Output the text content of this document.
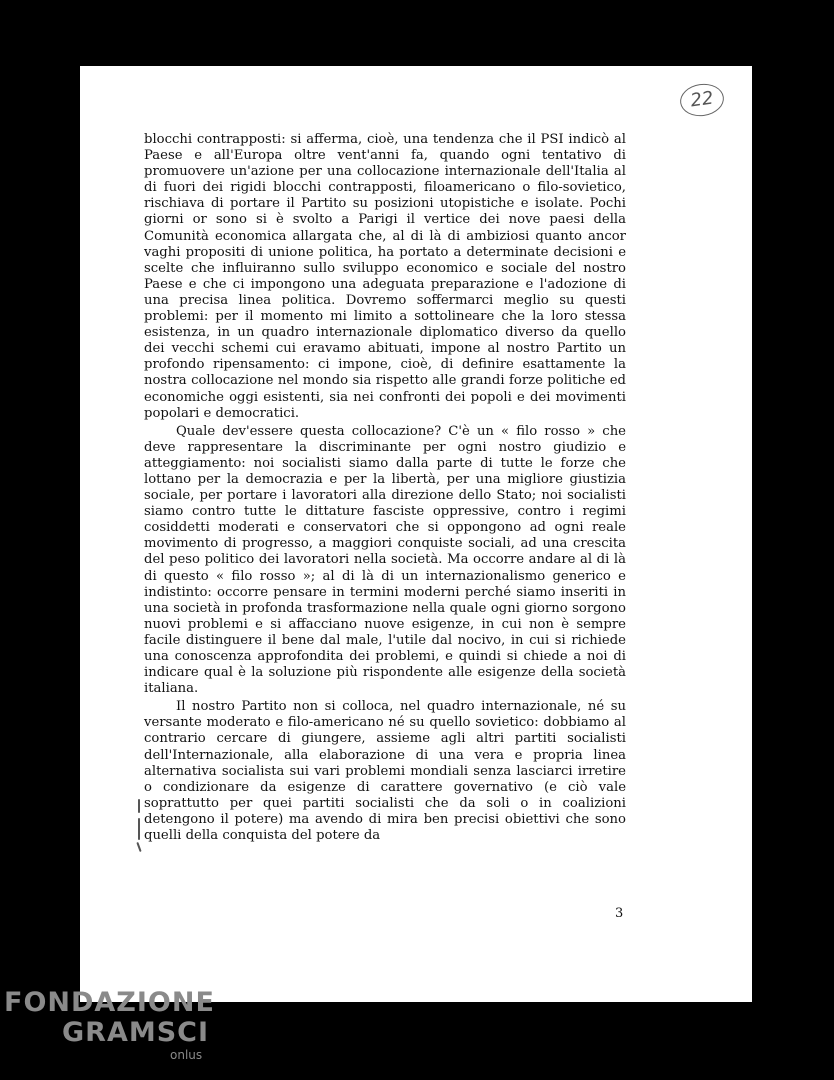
22

blocchi contrapposti: si afferma, cioè, una tendenza che il PSI indicò al Paese e all'Europa oltre vent'anni fa, quando ogni tentativo di promuovere un'azione per una collocazione internazionale dell'Italia al di fuori dei rigidi blocchi contrapposti, filoamericano o filo-sovietico, rischiava di portare il Partito su posizioni utopistiche e isolate. Pochi giorni or sono si è svolto a Parigi il vertice dei nove paesi della Comunità economica allargata che, al di là di ambiziosi quanto ancor vaghi propositi di unione politica, ha portato a determinate decisioni e scelte che influiranno sullo sviluppo economico e sociale del nostro Paese e che ci impongono una adeguata preparazione e l'adozione di una precisa linea politica. Dovremo soffermarci meglio su questi problemi: per il momento mi limito a sottolineare che la loro stessa esistenza, in un quadro internazionale diplomatico diverso da quello dei vecchi schemi cui eravamo abituati, impone al nostro Partito un profondo ripensamento: ci impone, cioè, di definire esattamente la nostra collocazione nel mondo sia rispetto alle grandi forze politiche ed economiche oggi esistenti, sia nei confronti dei popoli e dei movimenti popolari e democratici.

Quale dev'essere questa collocazione? C'è un « filo rosso » che deve rappresentare la discriminante per ogni nostro giudizio e atteggiamento: noi socialisti siamo dalla parte di tutte le forze che lottano per la democrazia e per la libertà, per una migliore giustizia sociale, per portare i lavoratori alla direzione dello Stato; noi socialisti siamo contro tutte le dittature fasciste oppressive, contro i regimi cosiddetti moderati e conservatori che si oppongono ad ogni reale movimento di progresso, a maggiori conquiste sociali, ad una crescita del peso politico dei lavoratori nella società. Ma occorre andare al di là di questo « filo rosso »; al di là di un internazionalismo generico e indistinto: occorre pensare in termini moderni perché siamo inseriti in una società in profonda trasformazione nella quale ogni giorno sorgono nuovi problemi e si affacciano nuove esigenze, in cui non è sempre facile distinguere il bene dal male, l'utile dal nocivo, in cui si richiede una conoscenza approfondita dei problemi, e quindi si chiede a noi di indicare qual è la soluzione più rispondente alle esigenze della società italiana.

Il nostro Partito non si colloca, nel quadro internazionale, né su versante moderato e filo-americano né su quello sovietico: dobbiamo al contrario cercare di giungere, assieme agli altri partiti socialisti dell'Internazionale, alla elaborazione di una vera e propria linea alternativa socialista sui vari problemi mondiali senza lasciarci irretire o condizionare da esigenze di carattere governativo (e ciò vale soprattutto per quei partiti socialisti che da soli o in coalizioni detengono il potere) ma avendo di mira ben precisi obiettivi che sono quelli della conquista del potere da

3
FONDAZIONE
GRAMSCI
onlus
